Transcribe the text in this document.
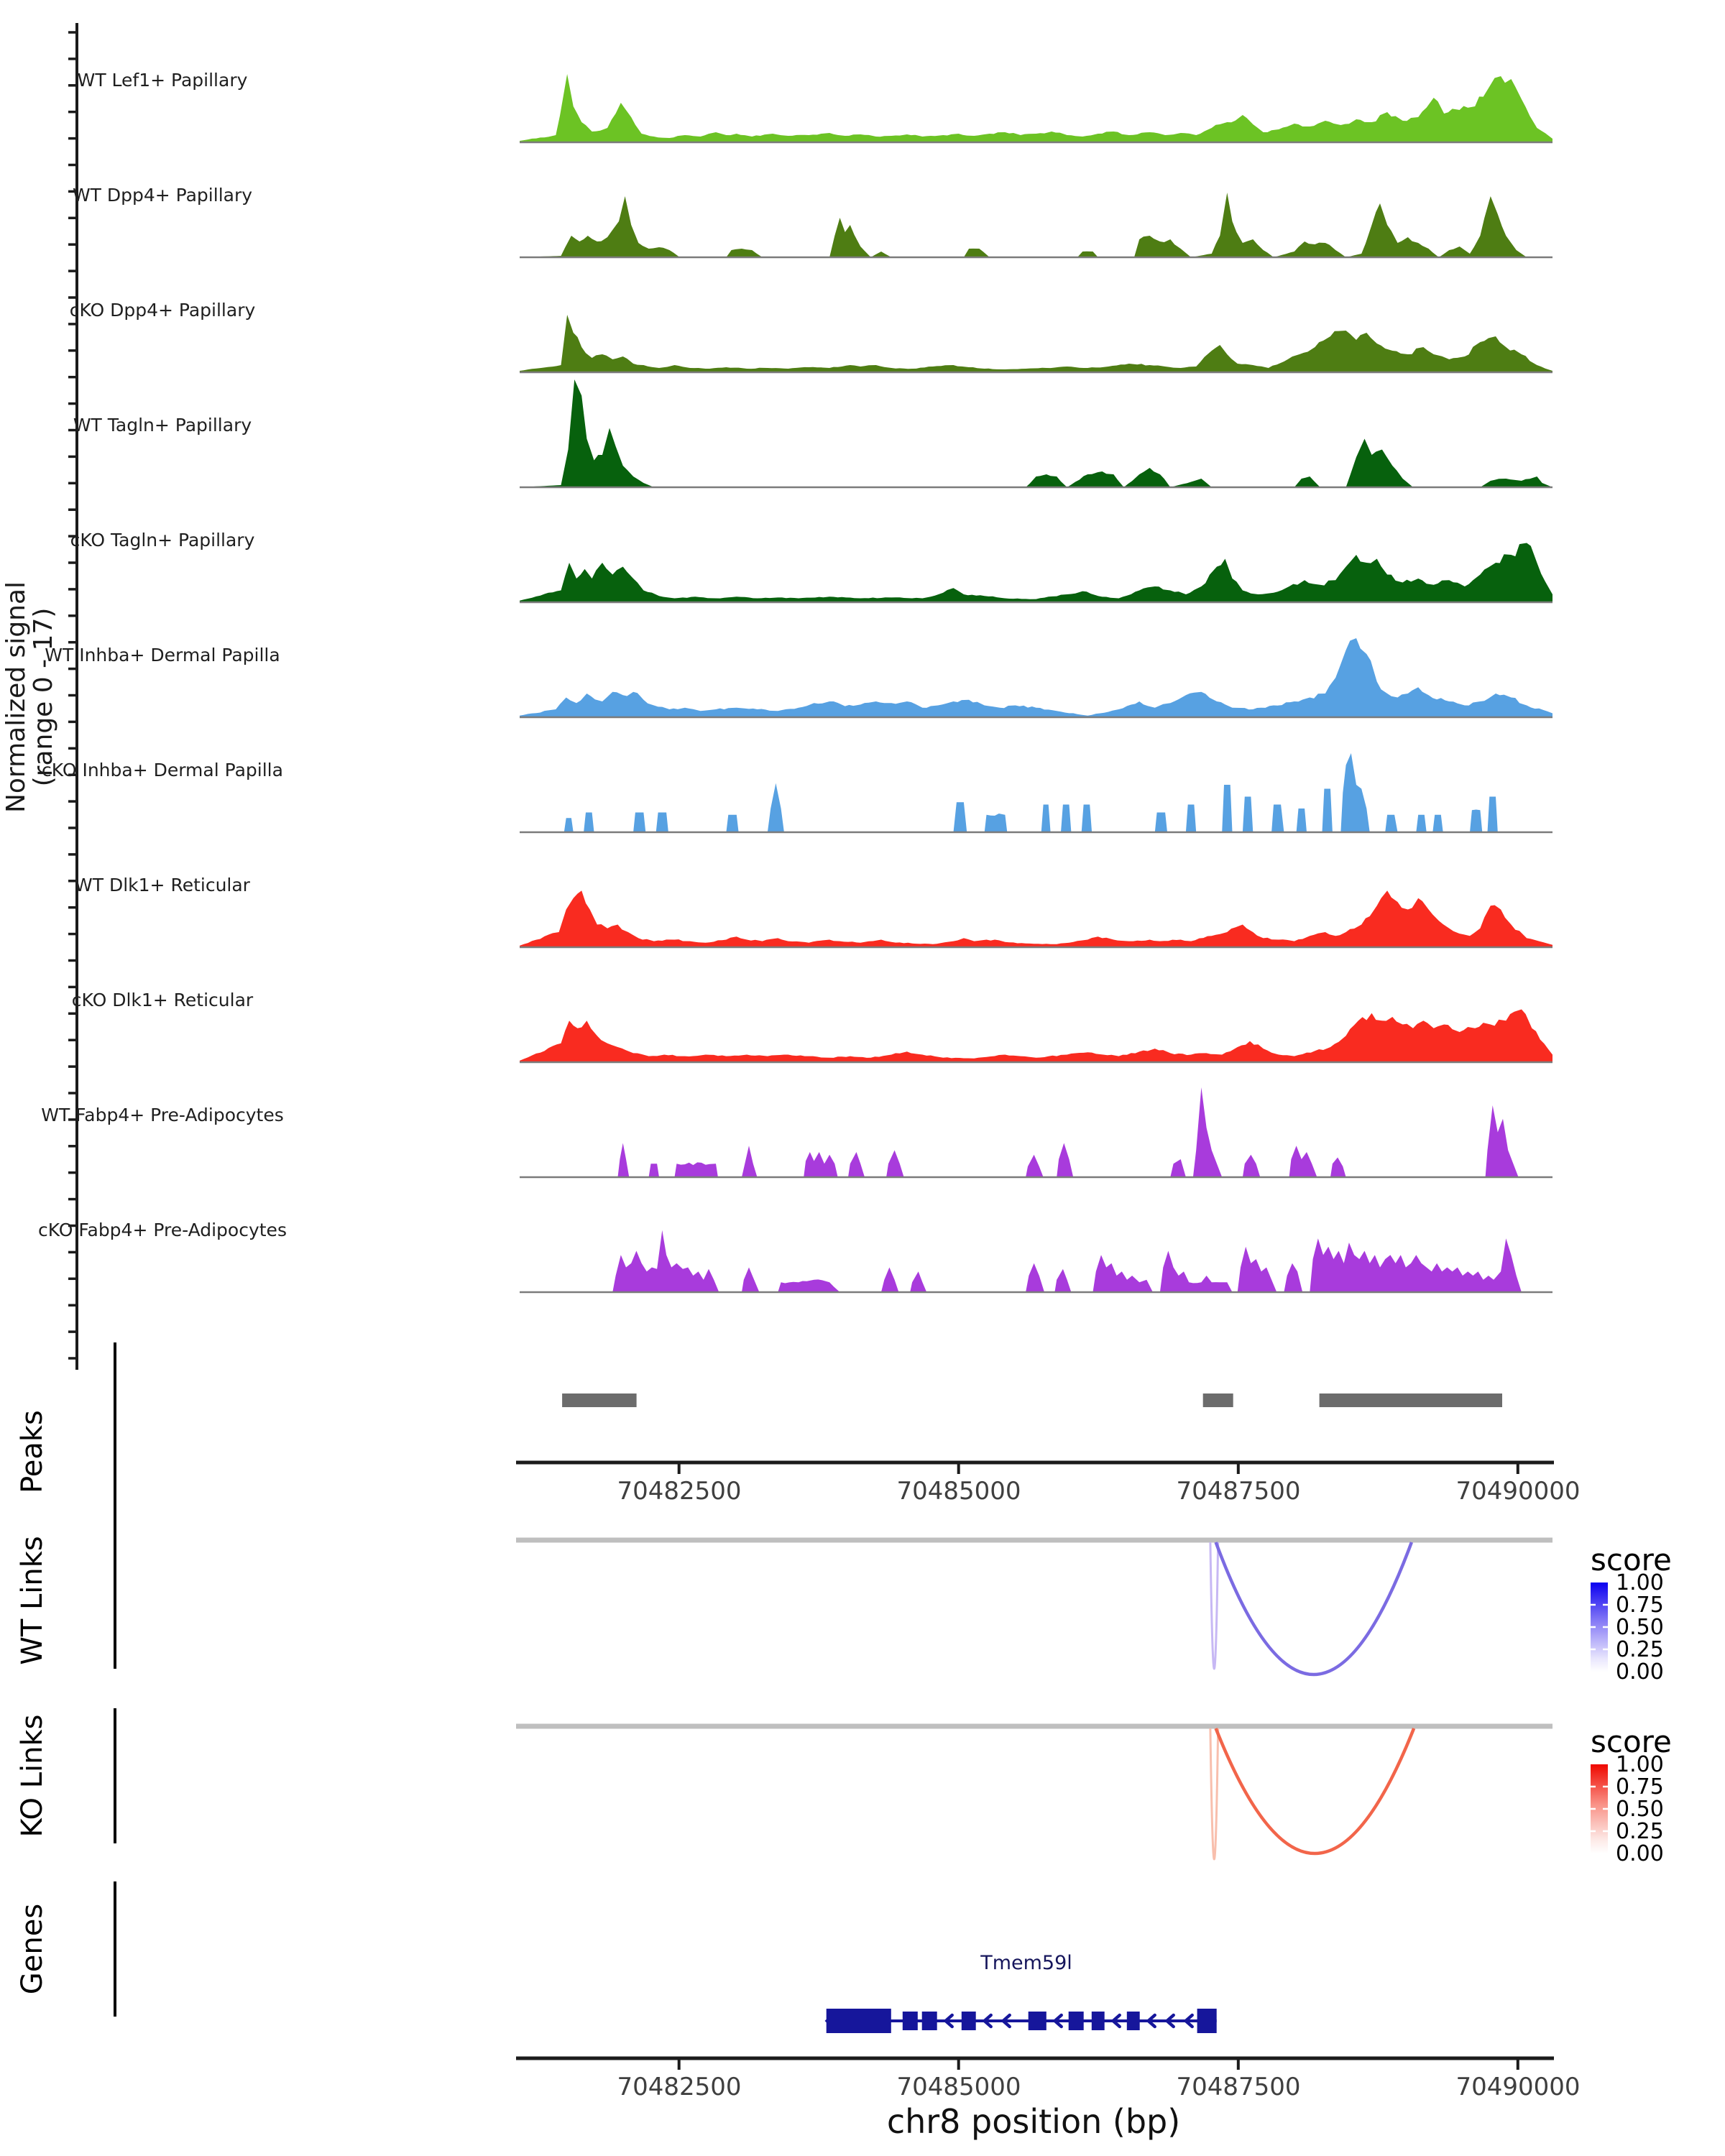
Normalized signal
(range 0 - 17)
WT Lef1+ Papillary
WT Dpp4+ Papillary
cKO Dpp4+ Papillary
WT Tagln+ Papillary
cKO Tagln+ Papillary
WT Inhba+ Dermal Papilla
cKO Inhba+ Dermal Papilla
WT Dlk1+ Reticular
cKO Dlk1+ Reticular
WT Fabp4+ Pre-Adipocytes
cKO Fabp4+ Pre-Adipocytes
Peaks	70482500	70485000	70487500	70490000
WT Links	score
1.00
0.75
0.50
0.25
0.00
KO Links	score
1.00
0.75
0.50
0.25
0.00
Genes	Tmem59l
70482500	70485000	70487500	70490000
chr8 position (bp)
